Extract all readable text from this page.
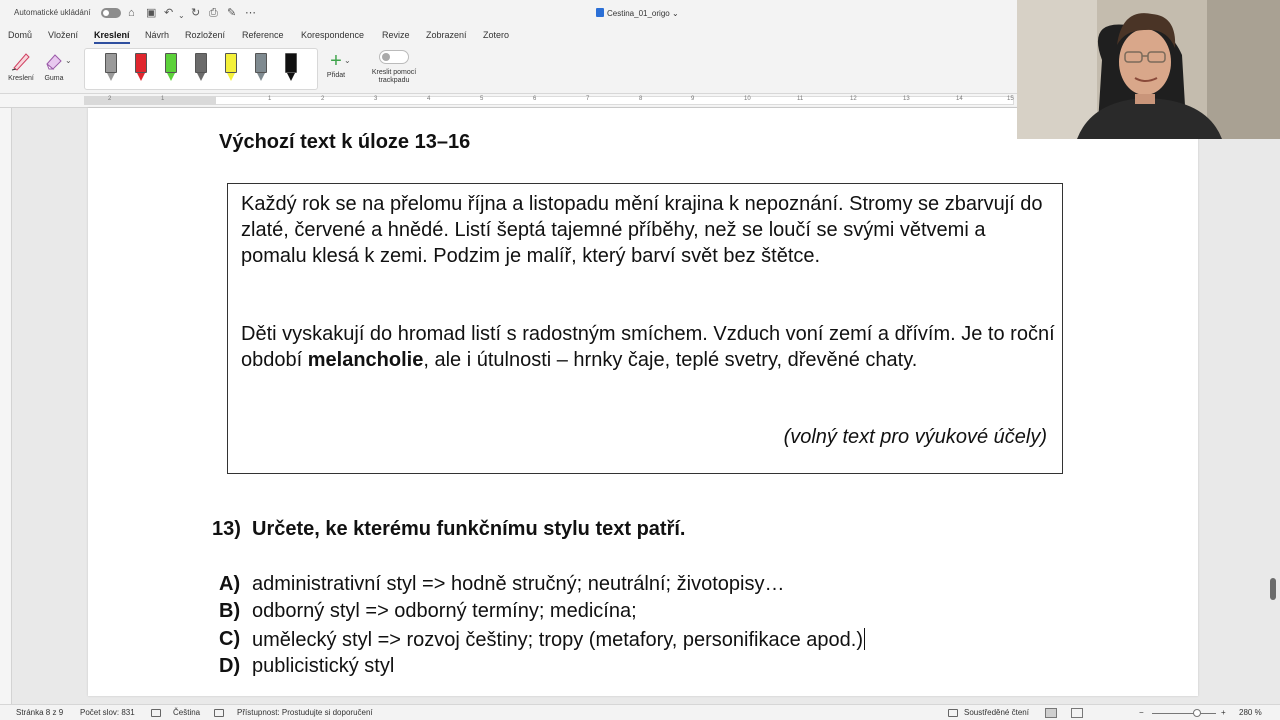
Automatické ukládání	⌂ ▣ ↶ ⌄ ↻ ⎙ ✎ ⋯	Cestina_01_origo ⌄
Domů Vložení Kreslení Návrh Rozložení Reference Korespondence Revize Zobrazení Zotero
Kreslení	Guma
⌄	+
Přidat
⌄
Kreslit pomocí trackpadu
2	1	1	2	3	4	5	6	7	8	9	10	11	12	13	14	15
Výchozí text k úloze 13–16

Každý rok se na přelomu října a listopadu mění krajina k nepoznání. Stromy se zbarvují do zlaté, červené a hnědé. Listí šeptá tajemné příběhy, než se loučí se svými větvemi a pomalu klesá k zemi. Podzim je malíř, který barví svět bez štětce.

Děti vyskakují do hromad listí s radostným smíchem. Vzduch voní zemí a dřívím. Je to roční období melancholie, ale i útulnosti – hrnky čaje, teplé svetry, dřevěné chaty.

(volný text pro výukové účely)
13) Určete, ke kterému funkčnímu stylu text patří.
A) administrativní styl => hodně stručný; neutrální; životopisy…
B) odborný styl => odborný termíny; medicína;
C) umělecký styl => rozvoj češtiny; tropy (metafory, personifikace apod.)
D) publicistický styl
Stránka 8 z 9 Počet slov: 831	Čeština	Přístupnost: Prostudujte si doporučení	Soustředěné čtení	−	+ 280 %
